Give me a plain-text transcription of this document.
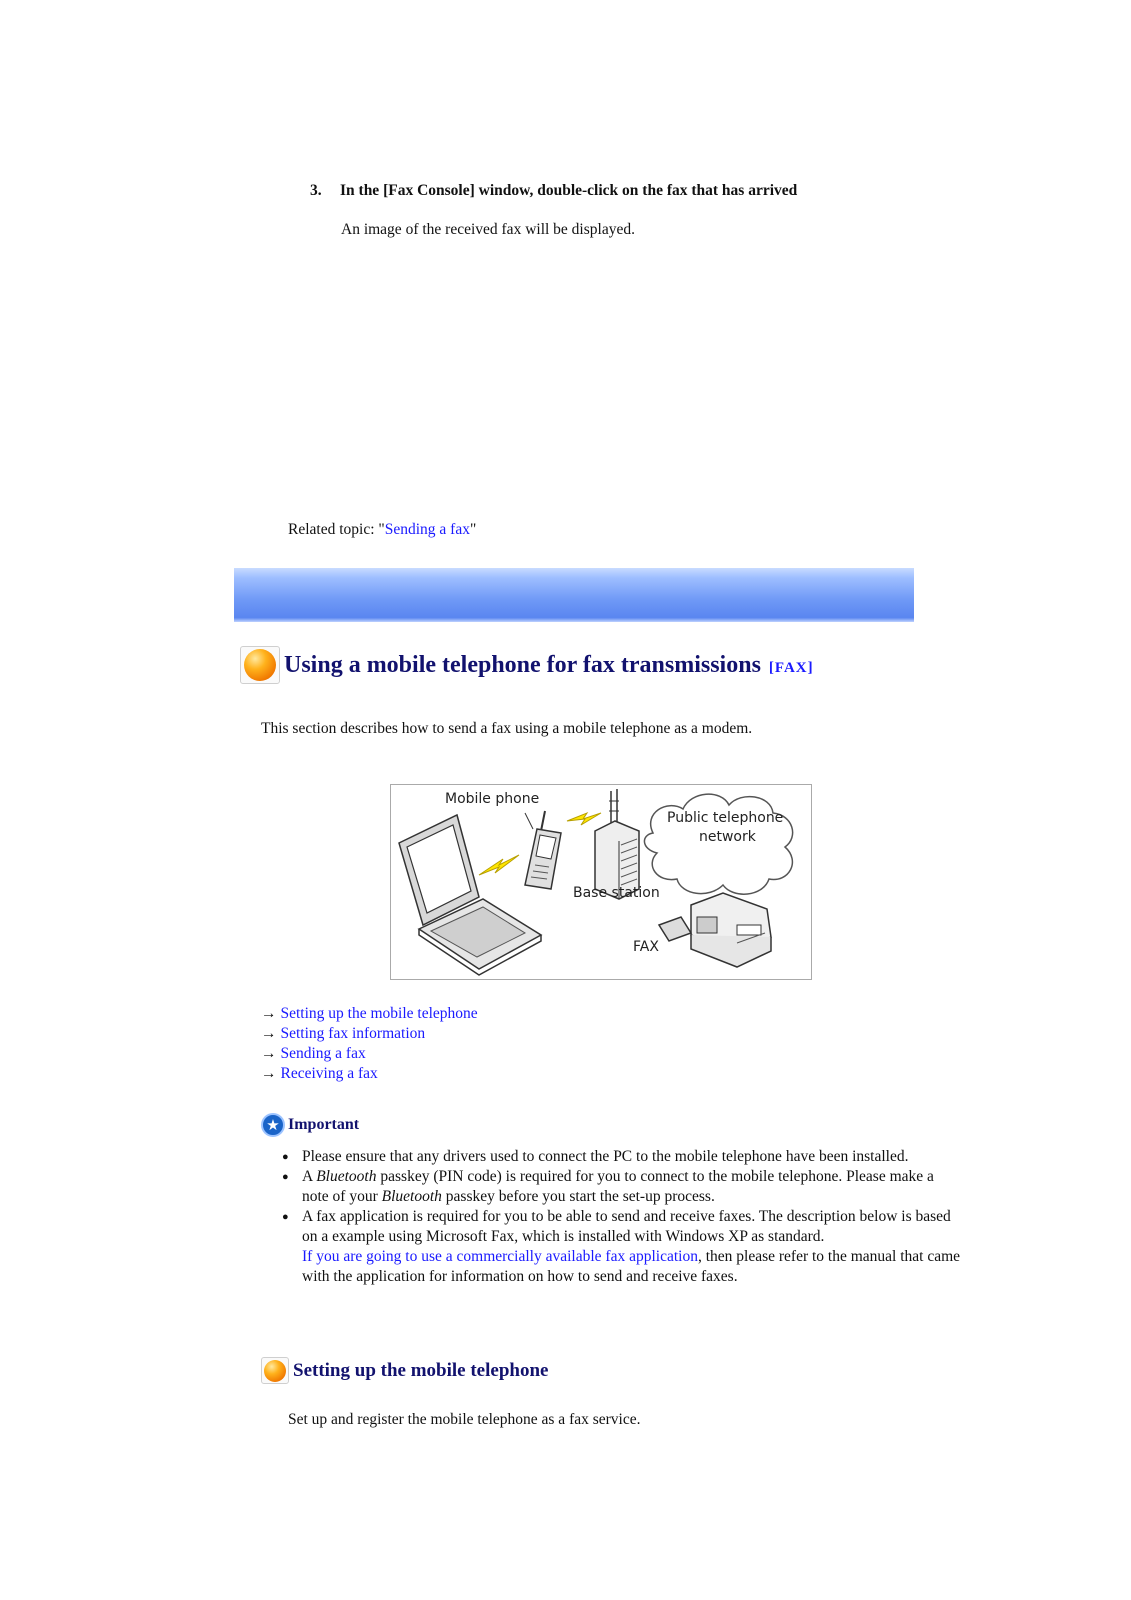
3. In the [Fax Console] window, double-click on the fax that has arrived
An image of the received fax will be displayed.
Related topic: "Sending a fax"
Using a mobile telephone for fax transmissions [FAX]
This section describes how to send a fax using a mobile telephone as a modem.
Mobile phone
Public telephone
network
Base station
FAX
→ Setting up the mobile telephone
→ Setting fax information
→ Sending a fax
→ Receiving a fax
★ Important
● Please ensure that any drivers used to connect the PC to the mobile telephone have been installed.
● A Bluetooth passkey (PIN code) is required for you to connect to the mobile telephone. Please make a note of your Bluetooth passkey before you start the set-up process.
● A fax application is required for you to be able to send and receive faxes. The description below is based on a example using Microsoft Fax, which is installed with Windows XP as standard.
If you are going to use a commercially available fax application, then please refer to the manual that came with the application for information on how to send and receive faxes.
Setting up the mobile telephone
Set up and register the mobile telephone as a fax service.
